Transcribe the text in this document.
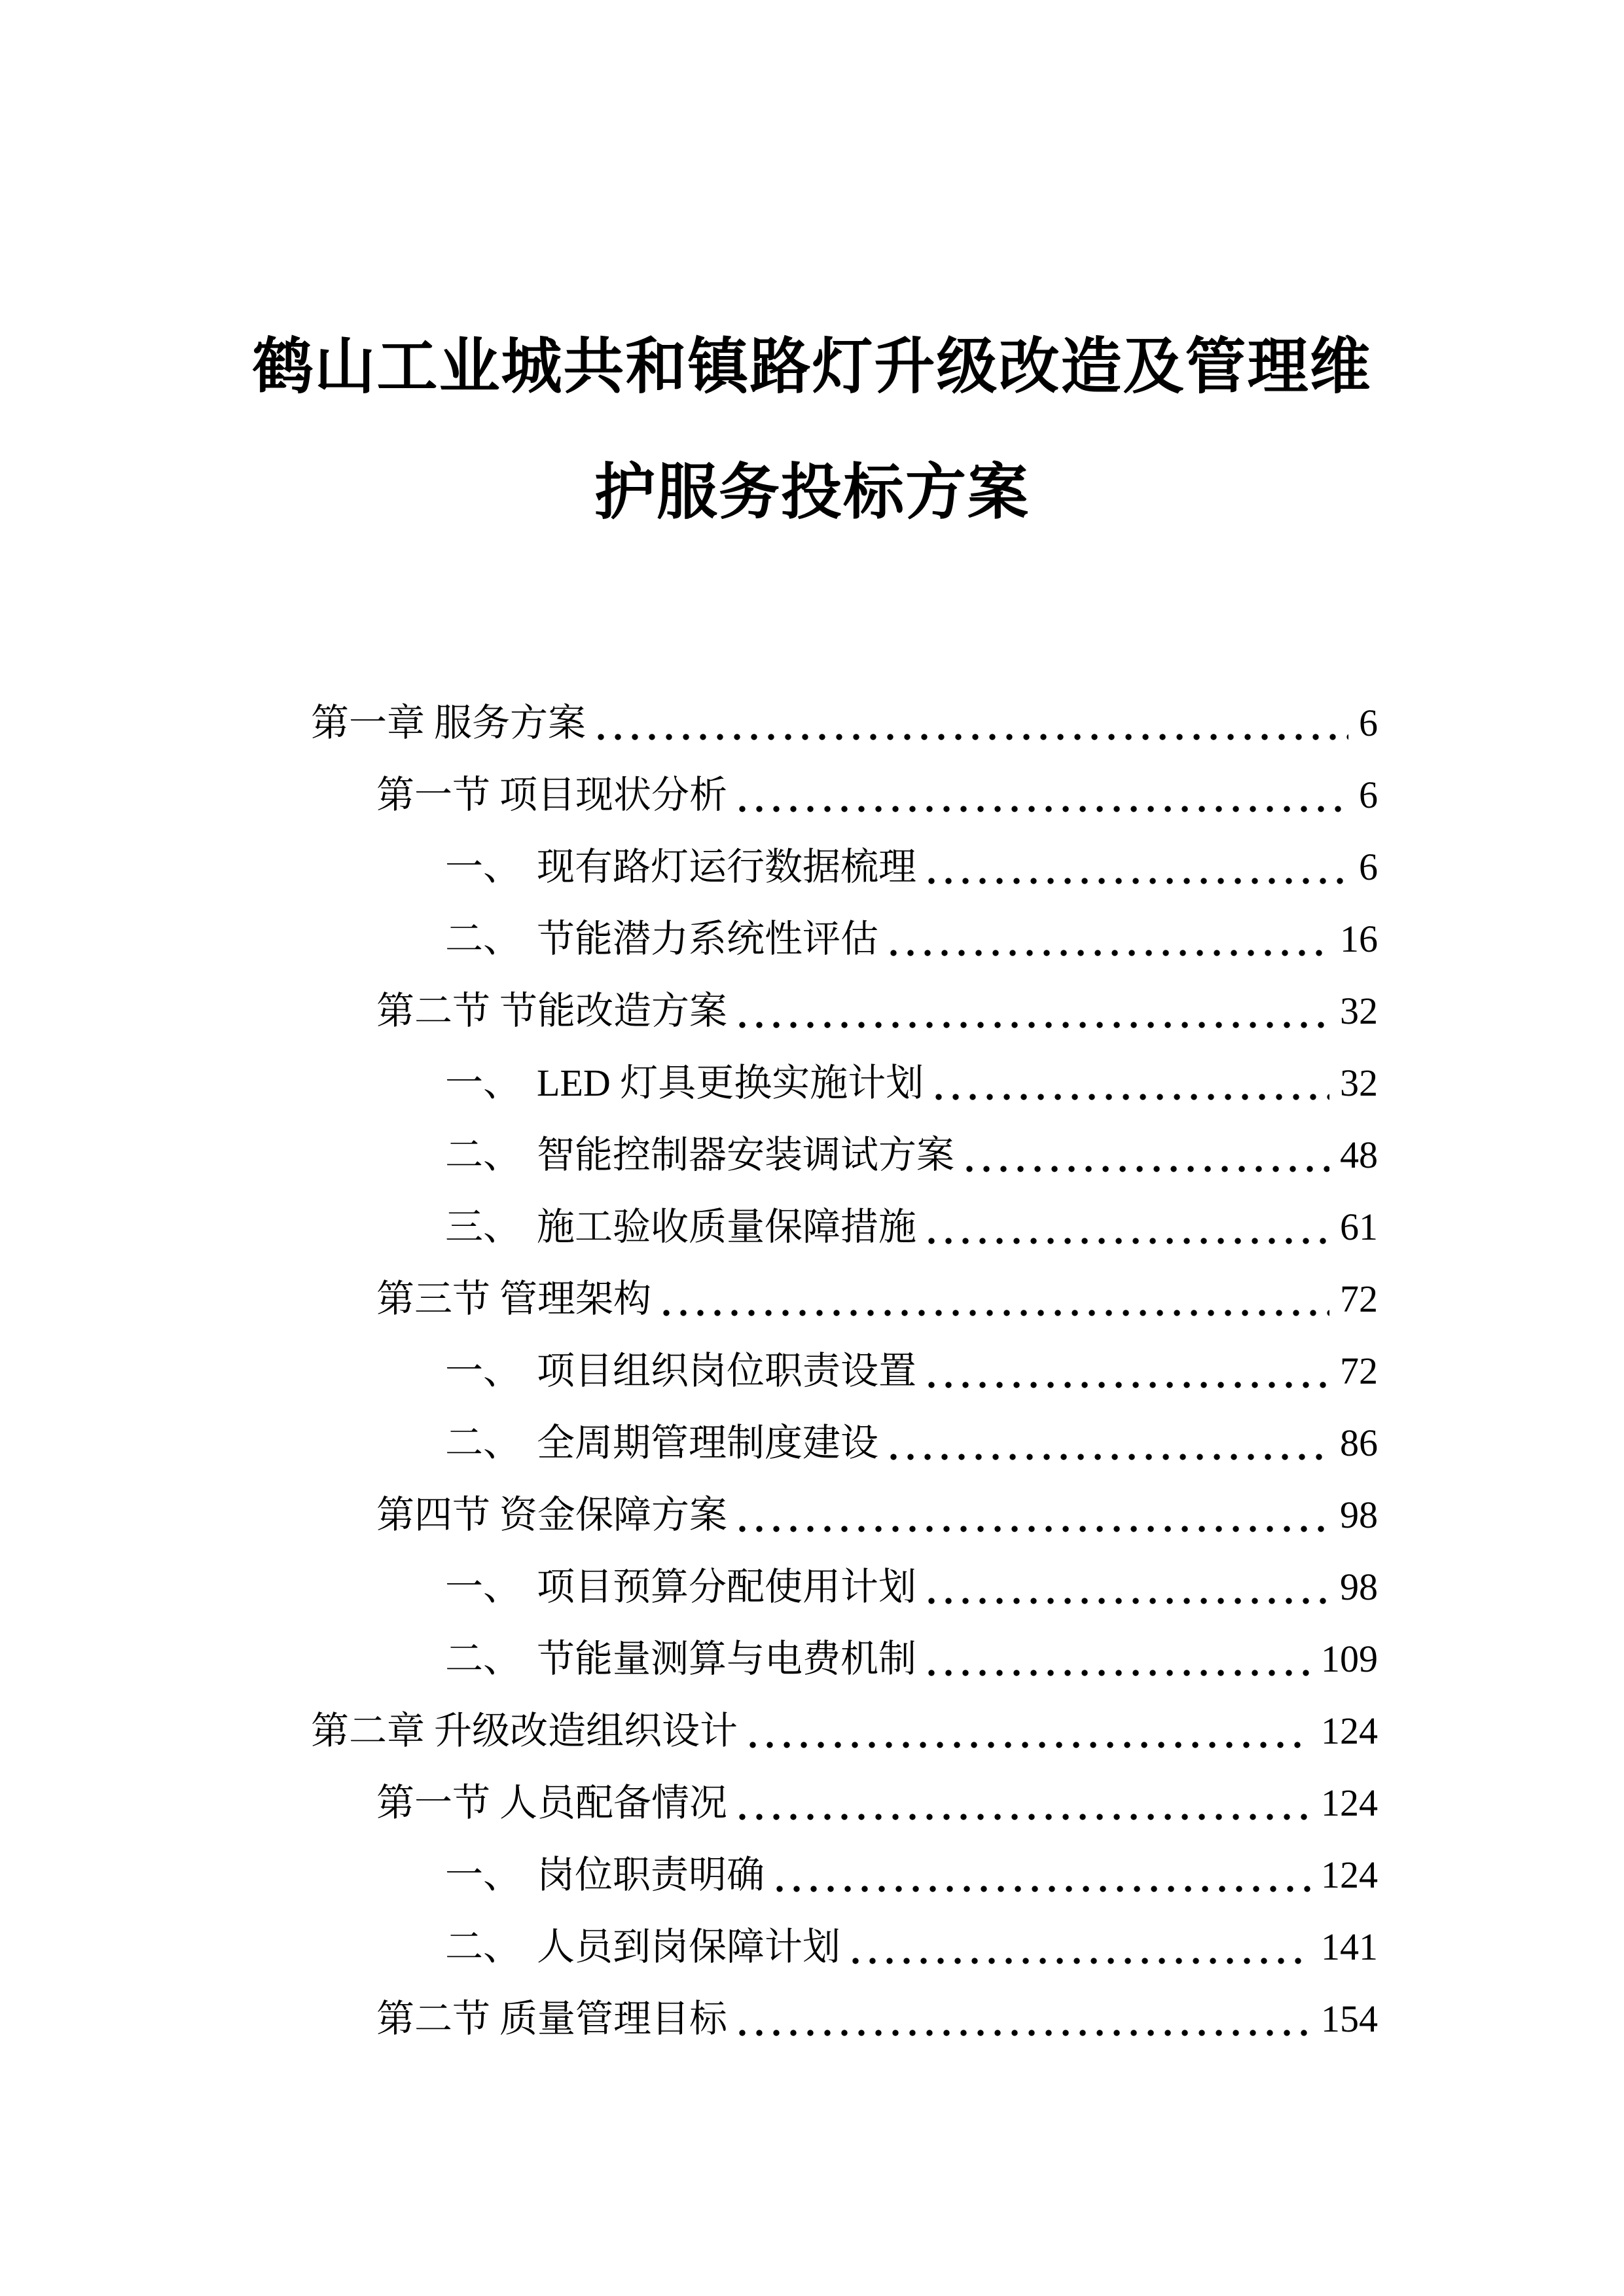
鹤山工业城共和镇路灯升级改造及管理维
护服务投标方案
第一章 服务方案	6
第一节 项目现状分析	6
一、 现有路灯运行数据梳理	6
二、 节能潜力系统性评估	16
第二节 节能改造方案	32
一、 LED 灯具更换实施计划	32
二、 智能控制器安装调试方案	48
三、 施工验收质量保障措施	61
第三节 管理架构	72
一、 项目组织岗位职责设置	72
二、 全周期管理制度建设	86
第四节 资金保障方案	98
一、 项目预算分配使用计划	98
二、 节能量测算与电费机制	109
第二章 升级改造组织设计	124
第一节 人员配备情况	124
一、 岗位职责明确	124
二、 人员到岗保障计划	141
第二节 质量管理目标	154
